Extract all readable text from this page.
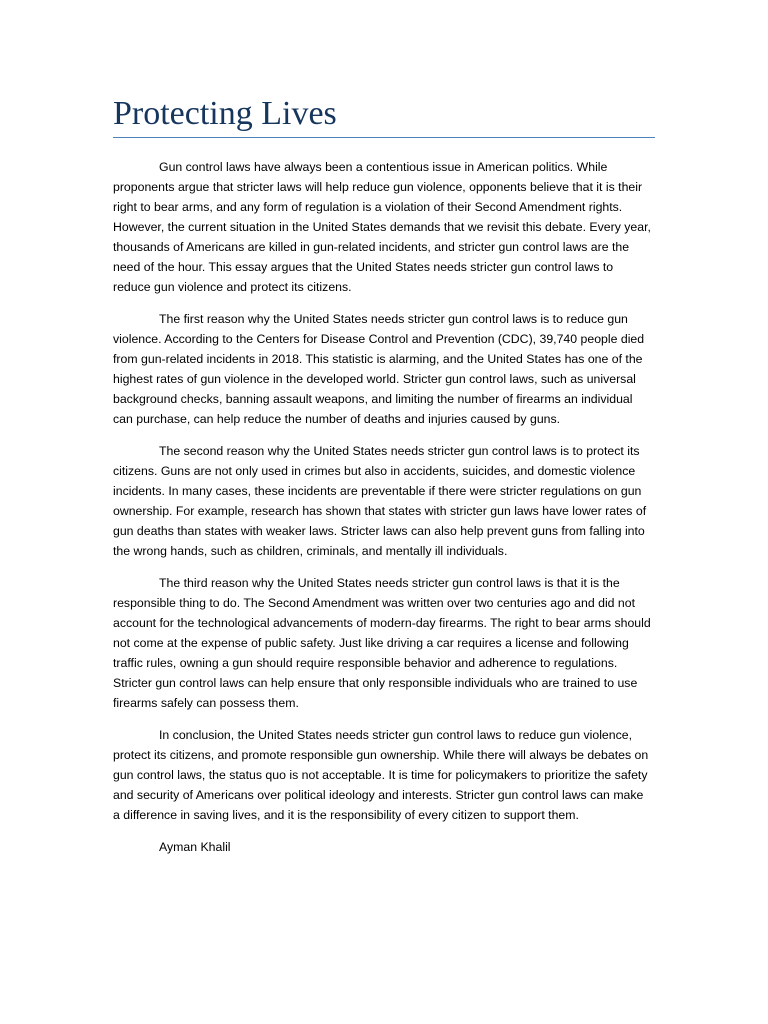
Protecting Lives

Gun control laws have always been a contentious issue in American politics. While proponents argue that stricter laws will help reduce gun violence, opponents believe that it is their right to bear arms, and any form of regulation is a violation of their Second Amendment rights. However, the current situation in the United States demands that we revisit this debate. Every year, thousands of Americans are killed in gun-related incidents, and stricter gun control laws are the need of the hour. This essay argues that the United States needs stricter gun control laws to reduce gun violence and protect its citizens.

The first reason why the United States needs stricter gun control laws is to reduce gun violence. According to the Centers for Disease Control and Prevention (CDC), 39,740 people died from gun-related incidents in 2018. This statistic is alarming, and the United States has one of the highest rates of gun violence in the developed world. Stricter gun control laws, such as universal background checks, banning assault weapons, and limiting the number of firearms an individual can purchase, can help reduce the number of deaths and injuries caused by guns.

The second reason why the United States needs stricter gun control laws is to protect its citizens. Guns are not only used in crimes but also in accidents, suicides, and domestic violence incidents. In many cases, these incidents are preventable if there were stricter regulations on gun ownership. For example, research has shown that states with stricter gun laws have lower rates of gun deaths than states with weaker laws. Stricter laws can also help prevent guns from falling into the wrong hands, such as children, criminals, and mentally ill individuals.

The third reason why the United States needs stricter gun control laws is that it is the responsible thing to do. The Second Amendment was written over two centuries ago and did not account for the technological advancements of modern-day firearms. The right to bear arms should not come at the expense of public safety. Just like driving a car requires a license and following traffic rules, owning a gun should require responsible behavior and adherence to regulations. Stricter gun control laws can help ensure that only responsible individuals who are trained to use firearms safely can possess them.

In conclusion, the United States needs stricter gun control laws to reduce gun violence, protect its citizens, and promote responsible gun ownership. While there will always be debates on gun control laws, the status quo is not acceptable. It is time for policymakers to prioritize the safety and security of Americans over political ideology and interests. Stricter gun control laws can make a difference in saving lives, and it is the responsibility of every citizen to support them.

Ayman Khalil
